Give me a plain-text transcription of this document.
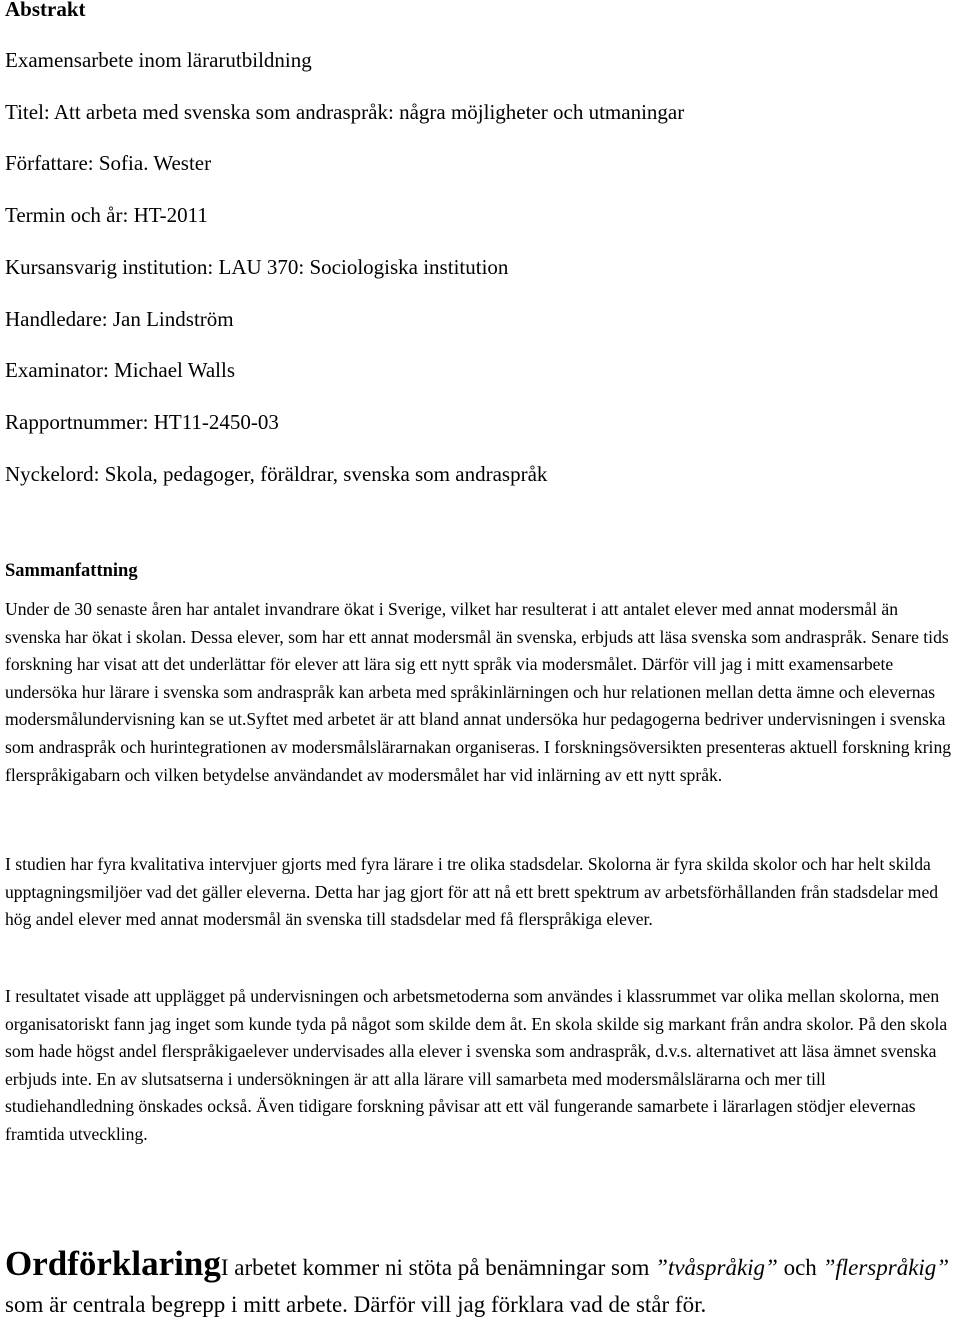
Abstrakt

Examensarbete inom lärarutbildning

Titel: Att arbeta med svenska som andraspråk: några möjligheter och utmaningar

Författare: Sofia. Wester

Termin och år: HT-2011

Kursansvarig institution: LAU 370: Sociologiska institution

Handledare: Jan Lindström

Examinator: Michael Walls

Rapportnummer: HT11-2450-03

Nyckelord: Skola, pedagoger, föräldrar, svenska som andraspråk

Sammanfattning

Under de 30 senaste åren har antalet invandrare ökat i Sverige, vilket har resulterat i att antalet elever med annat modersmål än svenska har ökat i skolan. Dessa elever, som har ett annat modersmål än svenska, erbjuds att läsa svenska som andraspråk. Senare tids forskning har visat att det underlättar för elever att lära sig ett nytt språk via modersmålet. Därför vill jag i mitt examensarbete undersöka hur lärare i svenska som andraspråk kan arbeta med språkinlärningen och hur relationen mellan detta ämne och elevernas modersmålundervisning kan se ut.Syftet med arbetet är att bland annat undersöka hur pedagogerna bedriver undervisningen i svenska som andraspråk och hurintegrationen av modersmålslärarnakan organiseras. I forskningsöversikten presenteras aktuell forskning kring flerspråkigabarn och vilken betydelse användandet av modersmålet har vid inlärning av ett nytt språk.

I studien har fyra kvalitativa intervjuer gjorts med fyra lärare i tre olika stadsdelar. Skolorna är fyra skilda skolor och har helt skilda upptagningsmiljöer vad det gäller eleverna. Detta har jag gjort för att nå ett brett spektrum av arbetsförhållanden från stadsdelar med hög andel elever med annat modersmål än svenska till stadsdelar med få flerspråkiga elever.

I resultatet visade att upplägget på undervisningen och arbetsmetoderna som användes i klassrummet var olika mellan skolorna, men organisatoriskt fann jag inget som kunde tyda på något som skilde dem åt. En skola skilde sig markant från andra skolor. På den skola som hade högst andel flerspråkigaelever undervisades alla elever i svenska som andraspråk, d.v.s. alternativet att läsa ämnet svenska erbjuds inte. En av slutsatserna i undersökningen är att alla lärare vill samarbeta med modersmålslärarna och mer till studiehandledning önskades också. Även tidigare forskning påvisar att ett väl fungerande samarbete i lärarlagen stödjer elevernas framtida utveckling.

OrdförklaringI arbetet kommer ni stöta på benämningar som ”tvåspråkig” och ”flerspråkig” som är centrala begrepp i mitt arbete. Därför vill jag förklara vad de står för.
